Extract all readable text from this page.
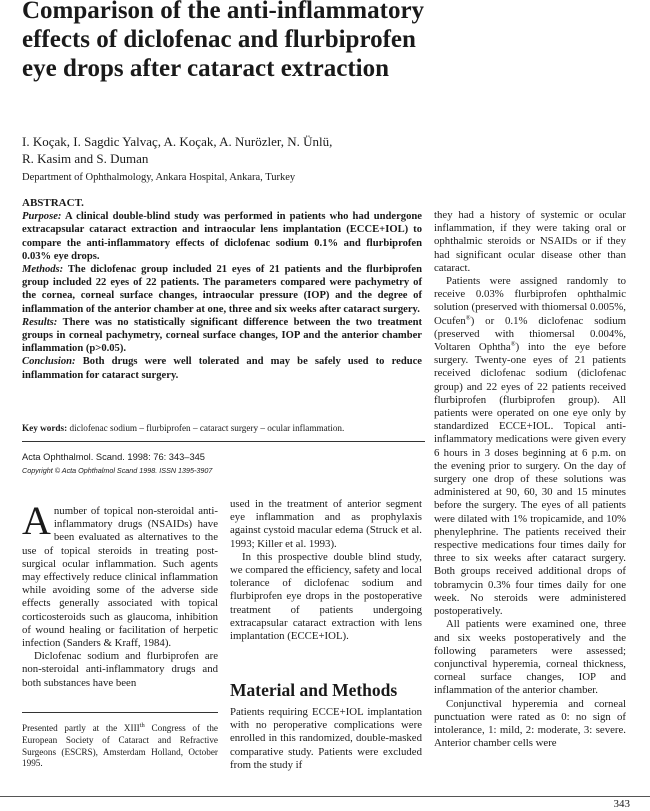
Comparison of the anti-inflammatory effects of diclofenac and flurbiprofen eye drops after cataract extraction
I. Koçak, I. Sagdic Yalvaç, A. Koçak, A. Nurözler, N. Ünlü,
R. Kasim and S. Duman
Department of Ophthalmology, Ankara Hospital, Ankara, Turkey
ABSTRACT.
Purpose: A clinical double-blind study was performed in patients who had undergone extracapsular cataract extraction and intraocular lens implantation (ECCE+IOL) to compare the anti-inflammatory effects of diclofenac sodium 0.1% and flurbiprofen 0.03% eye drops.
Methods: The diclofenac group included 21 eyes of 21 patients and the flurbiprofen group included 22 eyes of 22 patients. The parameters compared were pachymetry of the cornea, corneal surface changes, intraocular pressure (IOP) and the degree of inflammation of the anterior chamber at one, three and six weeks after cataract surgery.
Results: There was no statistically significant difference between the two treatment groups in corneal pachymetry, corneal surface changes, IOP and the anterior chamber inflammation (p>0.05).
Conclusion: Both drugs were well tolerated and may be safely used to reduce inflammation for cataract surgery.
Key words: diclofenac sodium – flurbiprofen – cataract surgery – ocular inflammation.
Acta Ophthalmol. Scand. 1998: 76: 343–345
Copyright © Acta Ophthalmol Scand 1998. ISSN 1395-3907

Anumber of topical non-steroidal anti-inflammatory drugs (NSAIDs) have been evaluated as alternatives to the use of topical steroids in treating post-surgical ocular inflammation. Such agents may effectively reduce clinical inflammation while avoiding some of the adverse side effects generally associated with topical corticosteroids such as glaucoma, inhibition of wound healing or facilitation of herpetic infection (Sanders & Kraff, 1984).

Diclofenac sodium and flurbiprofen are non-steroidal anti-inflammatory drugs and both substances have been

Presented partly at the XIIIth Congress of the European Society of Cataract and Refractive Surgeons (ESCRS), Amsterdam Holland, October 1995.

used in the treatment of anterior segment eye inflammation and as prophylaxis against cystoid macular edema (Struck et al. 1993; Killer et al. 1993).

In this prospective double blind study, we compared the efficiency, safety and local tolerance of diclofenac sodium and flurbiprofen eye drops in the postoperative treatment of patients undergoing extracapsular cataract extraction with lens implantation (ECCE+IOL).

Material and Methods

Patients requiring ECCE+IOL implantation with no peroperative complications were enrolled in this randomized, double-masked comparative study. Patients were excluded from the study if

they had a history of systemic or ocular inflammation, if they were taking oral or ophthalmic steroids or NSAIDs or if they had significant ocular disease other than cataract.

Patients were assigned randomly to receive 0.03% flurbiprofen ophthalmic solution (preserved with thiomersal 0.005%, Ocufen®) or 0.1% diclofenac sodium (preserved with thiomersal 0.004%, Voltaren Ophtha®) into the eye before surgery. Twenty-one eyes of 21 patients received diclofenac sodium (diclofenac group) and 22 eyes of 22 patients received flurbiprofen (flurbiprofen group). All patients were operated on one eye only by standardized ECCE+IOL. Topical anti-inflammatory medications were given every 6 hours in 3 doses beginning at 6 p.m. on the evening prior to surgery. On the day of surgery one drop of these solutions was administered at 90, 60, 30 and 15 minutes before the surgery. The eyes of all patients were dilated with 1% tropicamide, and 10% phenylephrine. The patients received their respective medications four times daily for three to six weeks after cataract surgery. Both groups received additional drops of tobramycin 0.3% four times daily for one week. No steroids were administered postoperatively.

All patients were examined one, three and six weeks postoperatively and the following parameters were assessed; conjunctival hyperemia, corneal thickness, corneal surface changes, IOP and inflammation of the anterior chamber.

Conjunctival hyperemia and corneal punctuation were rated as 0: no sign of intolerance, 1: mild, 2: moderate, 3: severe. Anterior chamber cells were

343
